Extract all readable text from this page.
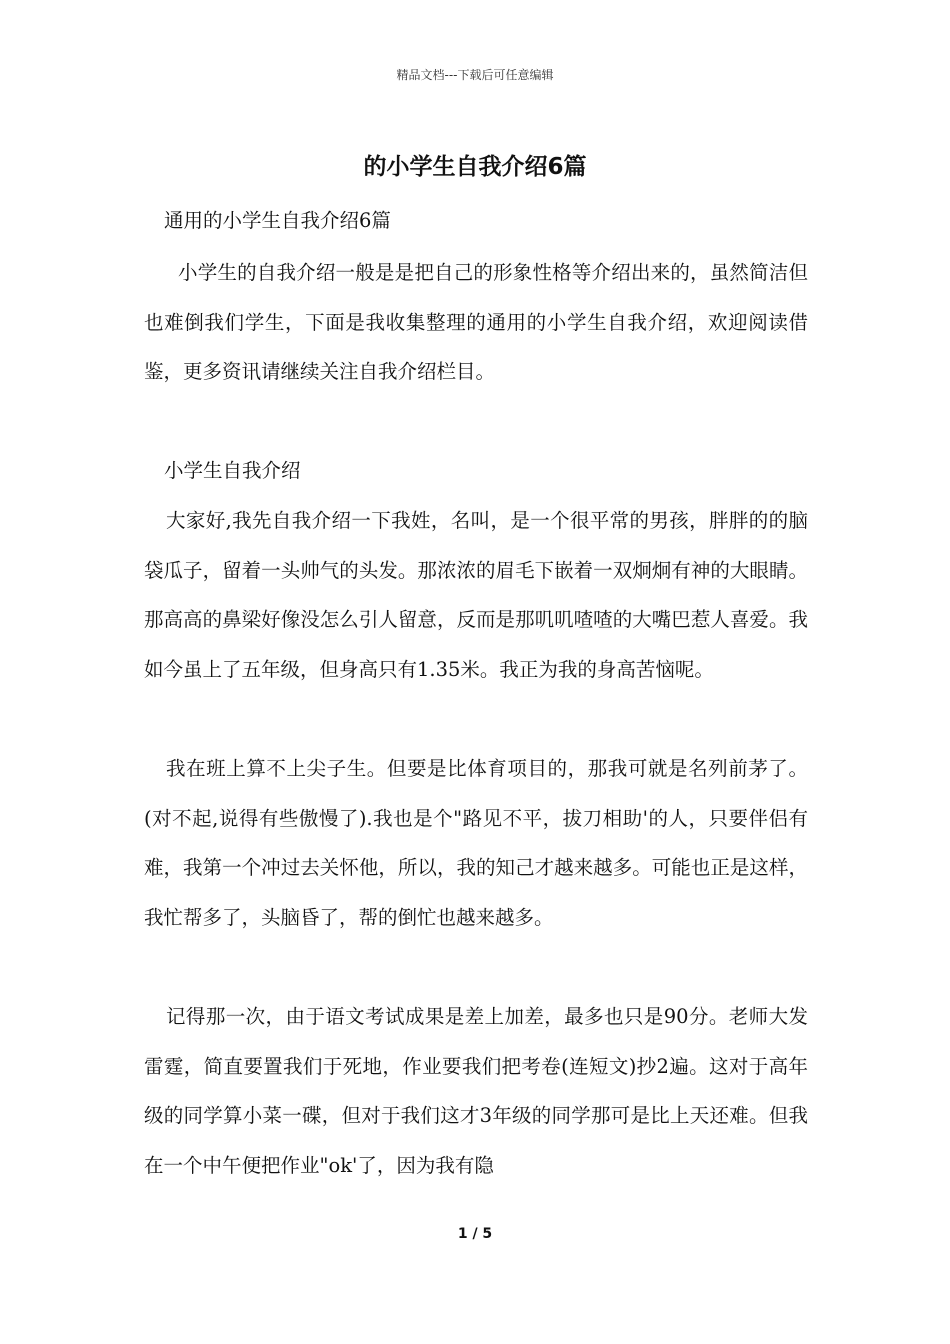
精品文档---下载后可任意编辑
的小学生自我介绍6篇

通用的小学生自我介绍6篇

小学生的自我介绍一般是是把自己的形象性格等介绍出来的，虽然简洁但也难倒我们学生，下面是我收集整理的通用的小学生自我介绍，欢迎阅读借鉴，更多资讯请继续关注自我介绍栏目。

小学生自我介绍

大家好,我先自我介绍一下我姓，名叫，是一个很平常的男孩，胖胖的的脑袋瓜子，留着一头帅气的头发。那浓浓的眉毛下嵌着一双炯炯有神的大眼睛。那高高的鼻梁好像没怎么引人留意，反而是那叽叽喳喳的大嘴巴惹人喜爱。我如今虽上了五年级，但身高只有1.35米。我正为我的身高苦恼呢。

我在班上算不上尖子生。但要是比体育项目的，那我可就是名列前茅了。(对不起,说得有些傲慢了).我也是个"路见不平，拔刀相助'的人，只要伴侣有难，我第一个冲过去关怀他，所以，我的知己才越来越多。可能也正是这样，我忙帮多了，头脑昏了，帮的倒忙也越来越多。

记得那一次，由于语文考试成果是差上加差，最多也只是90分。老师大发雷霆，简直要置我们于死地，作业要我们把考卷(连短文)抄2遍。这对于高年级的同学算小菜一碟，但对于我们这才3年级的同学那可是比上天还难。但我在一个中午便把作业"ok'了，因为我有隐

1 / 5
